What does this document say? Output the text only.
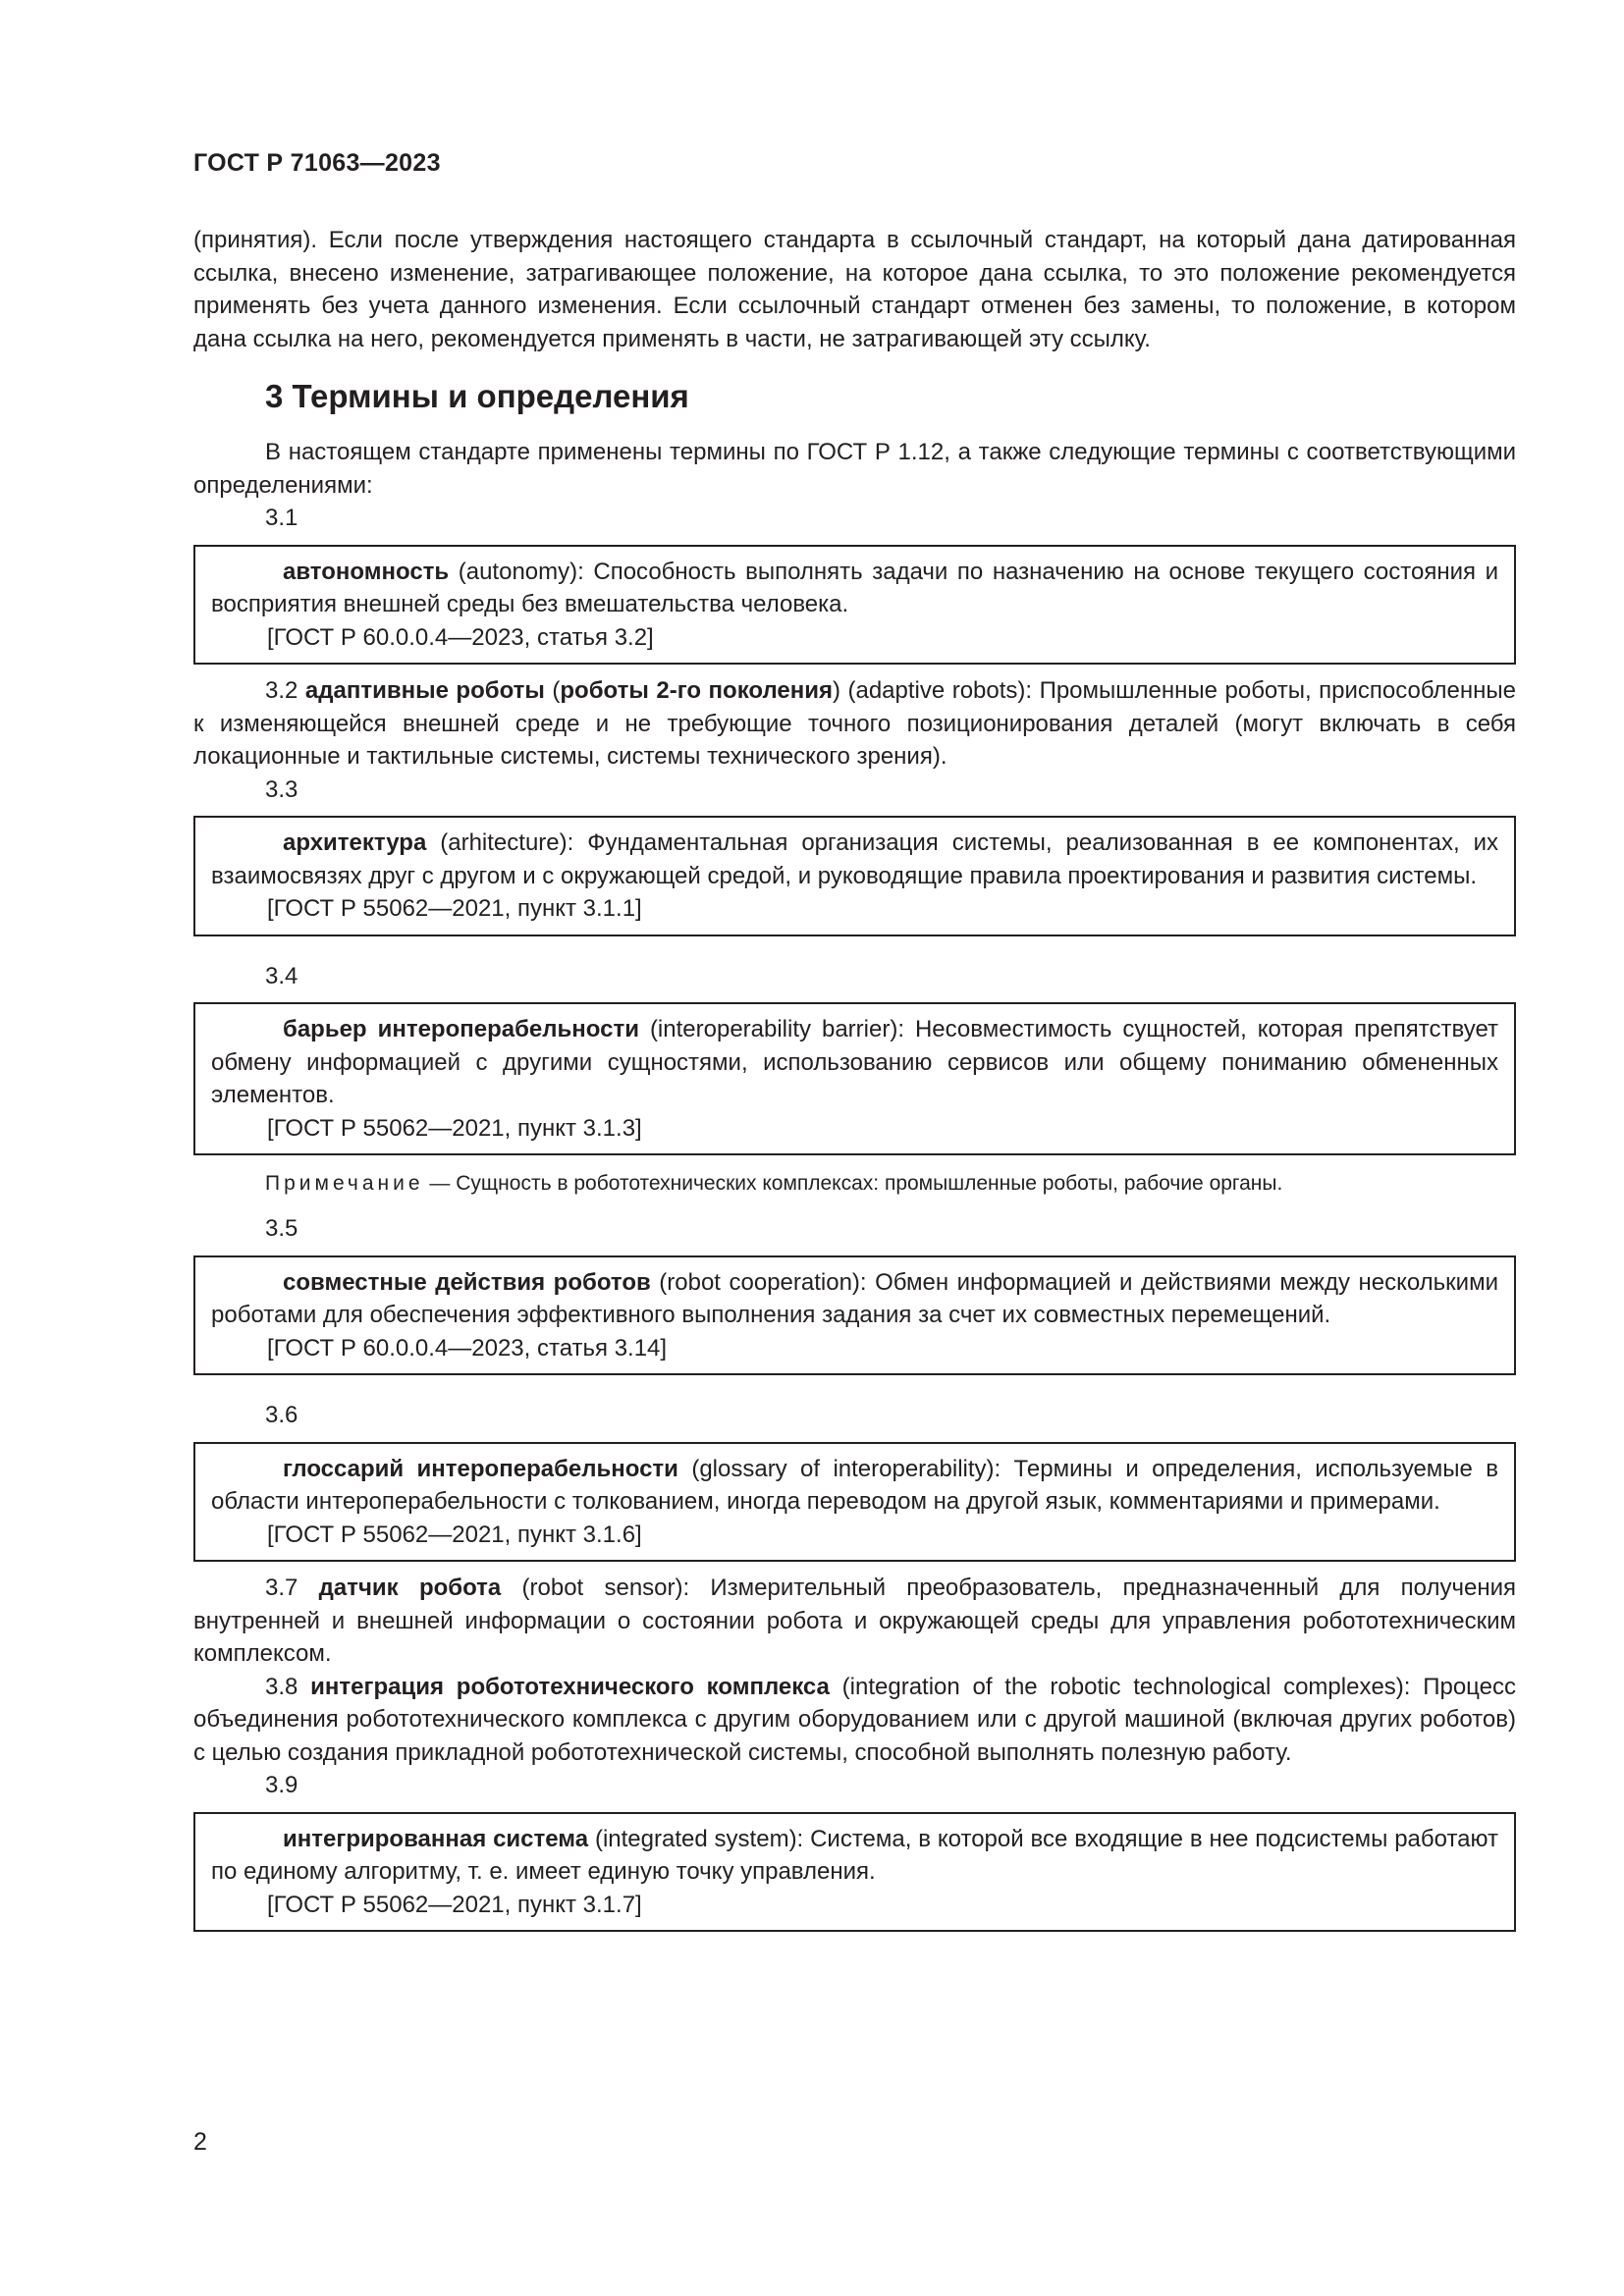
ГОСТ Р 71063—2023

(принятия). Если после утверждения настоящего стандарта в ссылочный стандарт, на который дана датированная ссылка, внесено изменение, затрагивающее положение, на которое дана ссылка, то это положение рекомендуется применять без учета данного изменения. Если ссылочный стандарт отменен без замены, то положение, в котором дана ссылка на него, рекомендуется применять в части, не затрагивающей эту ссылку.

3 Термины и определения

В настоящем стандарте применены термины по ГОСТ Р 1.12, а также следующие термины с соответствующими определениями:

3.1

автономность (autonomy): Способность выполнять задачи по назначению на основе текущего состояния и восприятия внешней среды без вмешательства человека.

[ГОСТ Р 60.0.0.4—2023, статья 3.2]

3.2 адаптивные роботы (роботы 2-го поколения) (adaptive robots): Промышленные роботы, приспособленные к изменяющейся внешней среде и не требующие точного позиционирования деталей (могут включать в себя локационные и тактильные системы, системы технического зрения).

3.3

архитектура (arhitecture): Фундаментальная организация системы, реализованная в ее компонентах, их взаимосвязях друг с другом и с окружающей средой, и руководящие правила проектирования и развития системы.

[ГОСТ Р 55062—2021, пункт 3.1.1]

3.4

барьер интероперабельности (interoperability barrier): Несовместимость сущностей, которая препятствует обмену информацией с другими сущностями, использованию сервисов или общему пониманию обмененных элементов.

[ГОСТ Р 55062—2021, пункт 3.1.3]

Примечание — Сущность в робототехнических комплексах: промышленные роботы, рабочие органы.
3.5

совместные действия роботов (robot cooperation): Обмен информацией и действиями между несколькими роботами для обеспечения эффективного выполнения задания за счет их совместных перемещений.

[ГОСТ Р 60.0.0.4—2023, статья 3.14]

3.6

глоссарий интероперабельности (glossary of interoperability): Термины и определения, используемые в области интероперабельности с толкованием, иногда переводом на другой язык, комментариями и примерами.

[ГОСТ Р 55062—2021, пункт 3.1.6]

3.7 датчик робота (robot sensor): Измерительный преобразователь, предназначенный для получения внутренней и внешней информации о состоянии робота и окружающей среды для управления робототехническим комплексом.

3.8 интеграция робототехнического комплекса (integration of the robotic technological complexes): Процесс объединения робототехнического комплекса с другим оборудованием или с другой машиной (включая других роботов) с целью создания прикладной робототехнической системы, способной выполнять полезную работу.

3.9

интегрированная система (integrated system): Система, в которой все входящие в нее подсистемы работают по единому алгоритму, т. е. имеет единую точку управления.

[ГОСТ Р 55062—2021, пункт 3.1.7]

2
